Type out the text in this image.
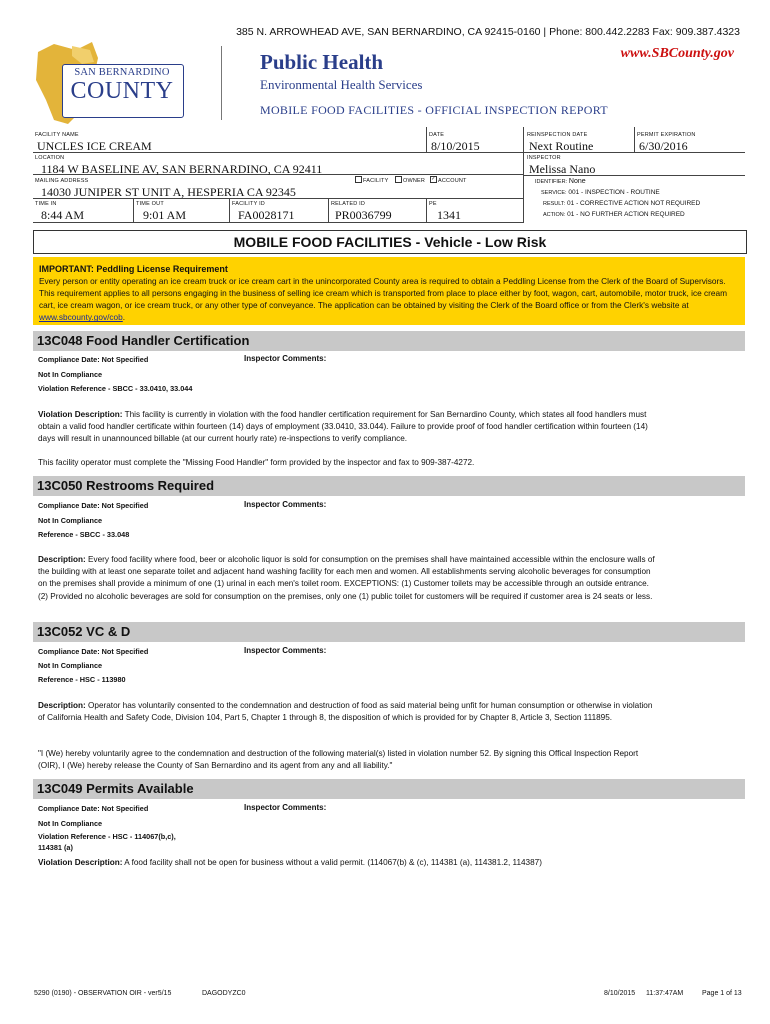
385 N. ARROWHEAD AVE, SAN BERNARDINO, CA 92415-0160 | Phone: 800.442.2283 Fax: 909.387.4323
SAN BERNARDINO
COUNTY
Public Health
Environmental Health Services
MOBILE FOOD FACILITIES - OFFICIAL INSPECTION REPORT
www.SBCounty.gov
FACILITY NAME
UNCLES ICE CREAM
DATE
8/10/2015
REINSPECTION DATE
Next Routine
PERMIT EXPIRATION
6/30/2016
LOCATION
1184 W BASELINE AV, SAN BERNARDINO, CA 92411
INSPECTOR
Melissa Nano
MAILING ADDRESS
14030 JUNIPER ST UNIT A, HESPERIA CA 92345
FACILITY	OWNER ✓ ACCOUNT	IDENTIFIER: None
SERVICE: 001 - INSPECTION - ROUTINE
RESULT: 01 - CORRECTIVE ACTION NOT REQUIRED
ACTION: 01 - NO FURTHER ACTION REQUIRED
TIME IN
8:44 AM
TIME OUT
9:01 AM
FACILITY ID
FA0028171
RELATED ID
PR0036799
PE
1341
MOBILE FOOD FACILITIES - Vehicle - Low Risk
IMPORTANT: Peddling License Requirement
Every person or entity operating an ice cream truck or ice cream cart in the unincorporated County area is required to obtain a Peddling License from the Clerk of the Board of Supervisors. This requirement applies to all persons engaging in the business of selling ice cream which is transported from place to place either by foot, wagon, cart, automobile, motor truck, ice cream cart, ice cream wagon, or ice cream truck, or any other type of conveyance. The application can be obtained by visiting the Clerk of the Board office or from the Clerk's website at www.sbcounty.gov/cob.
13C048 Food Handler Certification
Compliance Date: Not Specified	Inspector Comments:
Not In Compliance
Violation Reference - SBCC - 33.0410, 33.044
Violation Description: This facility is currently in violation with the food handler certification requirement for San Bernardino County, which states all food handlers must obtain a valid food handler certificate within fourteen (14) days of employment (33.0410, 33.044). Failure to provide proof of food handler certification within fourteen (14) days will result in unannounced billable (at our current hourly rate) re-inspections to verify compliance.
This facility operator must complete the "Missing Food Handler" form provided by the inspector and fax to 909-387-4272.
13C050 Restrooms Required
Compliance Date: Not Specified	Inspector Comments:
Not In Compliance
Reference - SBCC - 33.048
Description: Every food facility where food, beer or alcoholic liquor is sold for consumption on the premises shall have maintained accessible within the enclosure walls of the building with at least one separate toilet and adjacent hand washing facility for each men and women. All establishments serving alcoholic beverages for consumption on the premises shall provide a minimum of one (1) urinal in each men's toilet room. EXCEPTIONS: (1) Customer toilets may be accessible through an outside entrance. (2) Provided no alcoholic beverages are sold for consumption on the premises, only one (1) public toilet for customers will be required if customer area is 24 seats or less.
13C052 VC & D
Compliance Date: Not Specified	Inspector Comments:
Not In Compliance
Reference - HSC - 113980
Description: Operator has voluntarily consented to the condemnation and destruction of food as said material being unfit for human consumption or otherwise in violation of California Health and Safety Code, Division 104, Part 5, Chapter 1 through 8, the disposition of which is provided for by Chapter 8, Article 3, Section 111895.
"I (We) hereby voluntarily agree to the condemnation and destruction of the following material(s) listed in violation number 52. By signing this Offical Inspection Report (OIR), I (We) hereby release the County of San Bernardino and its agent from any and all liability."
13C049 Permits Available
Compliance Date: Not Specified	Inspector Comments:
Not In Compliance
Violation Reference - HSC - 114067(b,c),
114381 (a)
Violation Description: A food facility shall not be open for business without a valid permit. (114067(b) & (c), 114381 (a), 114381.2, 114387)
5290 (0190) - OBSERVATION OIR - ver5/15	DAGODYZC0	8/10/2015 11:37:47AM	Page 1 of 13
